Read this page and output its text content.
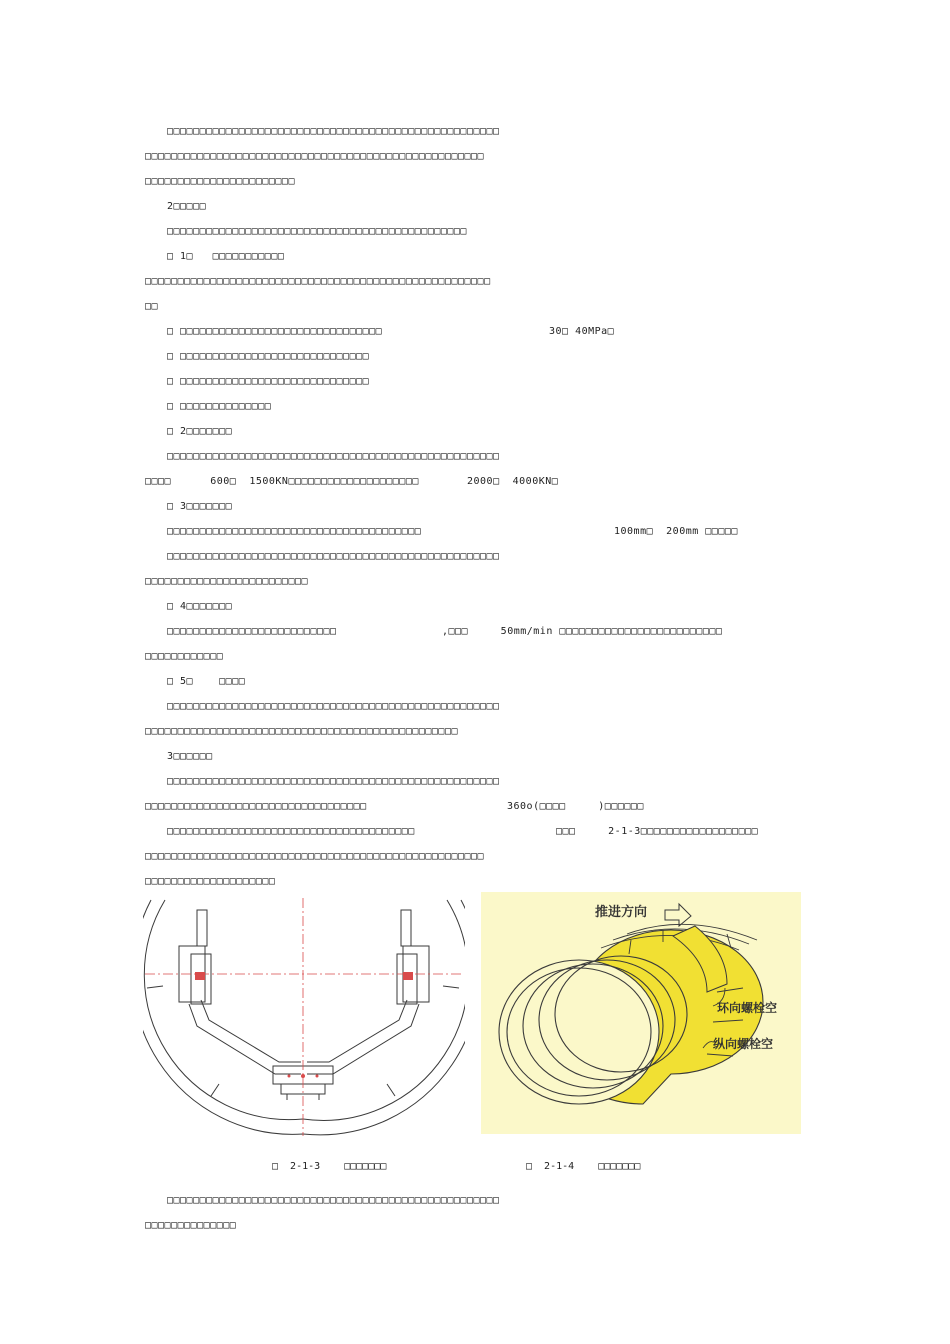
□□□□□□□□□□□□□□□□□□□□□□□□□□□□□□□□□□□□□□□□□□□□□□□□□□□
□□□□□□□□□□□□□□□□□□□□□□□□□□□□□□□□□□□□□□□□□□□□□□□□□□□□
□□□□□□□□□□□□□□□□□□□□□□□
2□□□□□
□□□□□□□□□□□□□□□□□□□□□□□□□□□□□□□□□□□□□□□□□□□□□□
□ 1□   □□□□□□□□□□□
□□□□□□□□□□□□□□□□□□□□□□□□□□□□□□□□□□□□□□□□□□□□□□□□□□□□□
□□
□ □□□□□□□□□□□□□□□□□□□□□□□□□□□□□□□	30□ 40MPa□
□ □□□□□□□□□□□□□□□□□□□□□□□□□□□□□
□ □□□□□□□□□□□□□□□□□□□□□□□□□□□□□
□ □□□□□□□□□□□□□□
□ 2□□□□□□□
□□□□□□□□□□□□□□□□□□□□□□□□□□□□□□□□□□□□□□□□□□□□□□□□□□□
□□□□      600□  1500KN□□□□□□□□□□□□□□□□□□□□	2000□  4000KN□
□ 3□□□□□□□
□□□□□□□□□□□□□□□□□□□□□□□□□□□□□□□□□□□□□□□	100mm□  200mm □□□□□
□□□□□□□□□□□□□□□□□□□□□□□□□□□□□□□□□□□□□□□□□□□□□□□□□□□
□□□□□□□□□□□□□□□□□□□□□□□□□
□ 4□□□□□□□
□□□□□□□□□□□□□□□□□□□□□□□□□□	,□□□     50mm/min □□□□□□□□□□□□□□□□□□□□□□□□□
□□□□□□□□□□□□
□ 5□    □□□□
□□□□□□□□□□□□□□□□□□□□□□□□□□□□□□□□□□□□□□□□□□□□□□□□□□□
□□□□□□□□□□□□□□□□□□□□□□□□□□□□□□□□□□□□□□□□□□□□□□□□
3□□□□□□
□□□□□□□□□□□□□□□□□□□□□□□□□□□□□□□□□□□□□□□□□□□□□□□□□□□
□□□□□□□□□□□□□□□□□□□□□□□□□□□□□□□□□□	360o(□□□□     )□□□□□□
□□□□□□□□□□□□□□□□□□□□□□□□□□□□□□□□□□□□□□	□□□     2-1-3□□□□□□□□□□□□□□□□□□
□□□□□□□□□□□□□□□□□□□□□□□□□□□□□□□□□□□□□□□□□□□□□□□□□□□□
□□□□□□□□□□□□□□□□□□□□
推进方向
环向螺栓空
纵向螺栓空
□  2-1-3    □□□□□□□	□  2-1-4    □□□□□□□
□□□□□□□□□□□□□□□□□□□□□□□□□□□□□□□□□□□□□□□□□□□□□□□□□□□
□□□□□□□□□□□□□□
